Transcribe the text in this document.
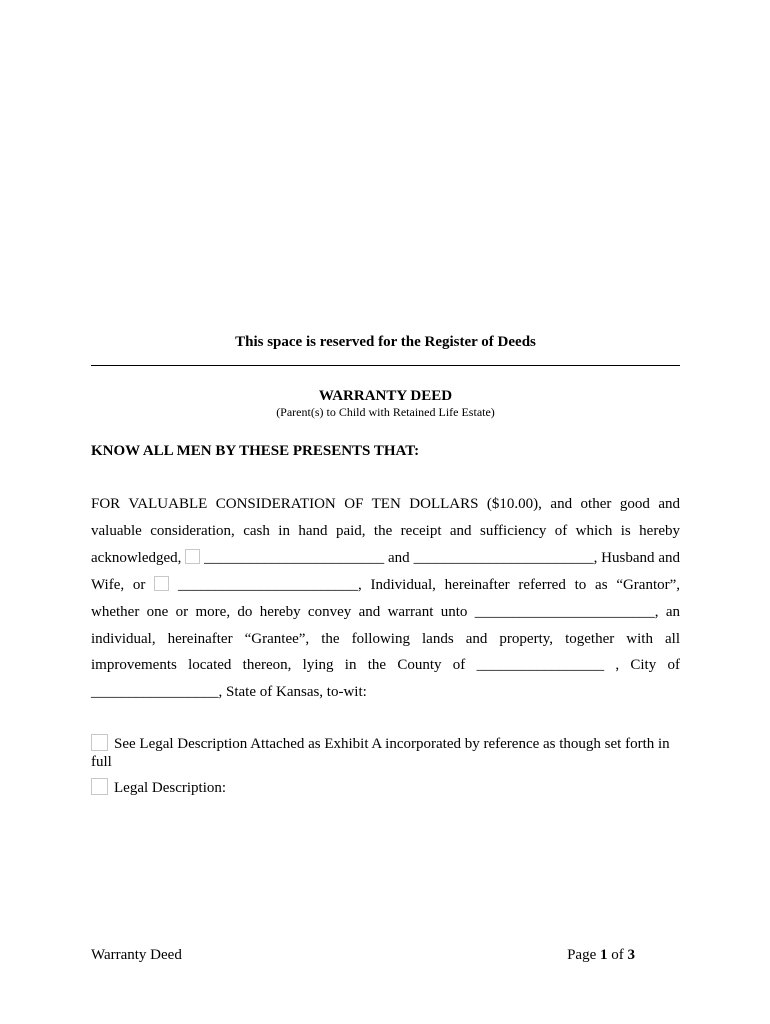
This space is reserved for the Register of Deeds
WARRANTY DEED
(Parent(s) to Child with Retained Life Estate)
KNOW ALL MEN BY THESE PRESENTS THAT:
FOR VALUABLE CONSIDERATION OF TEN DOLLARS ($10.00), and other good and valuable consideration, cash in hand paid, the receipt and sufficiency of which is hereby acknowledged, ________________________ and ________________________, Husband and Wife, or ________________________, Individual, hereinafter referred to as “Grantor”, whether one or more, do hereby convey and warrant unto ________________________, an individual, hereinafter “Grantee”, the following lands and property, together with all improvements located thereon, lying in the County of _________________ , City of _________________, State of Kansas, to-wit:
See Legal Description Attached as Exhibit A incorporated by reference as though set forth in full
Legal Description:
Warranty Deed	Page 1 of 3
